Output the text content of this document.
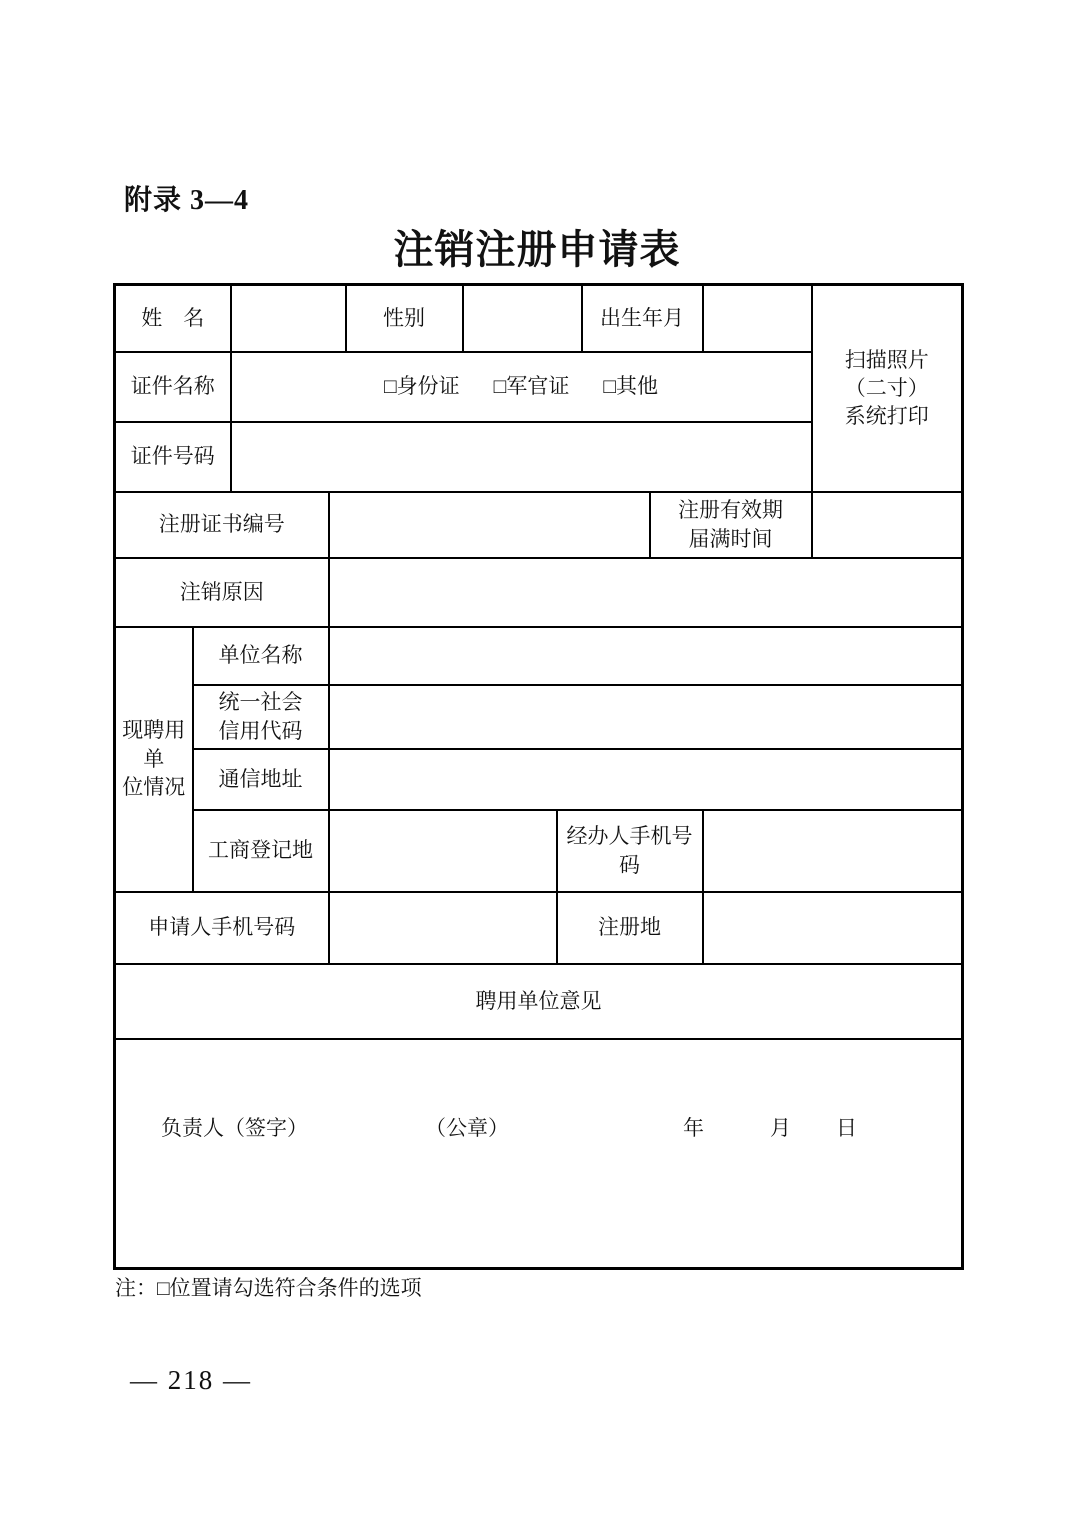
附录 3—4
注销注册申请表
姓　名				性别			出生年月			扫描照片
（二寸）
系统打印
证件名称		□身份证 □军官证 □其他								

证件号码										
注册证书编号								注册有效期
届满时间		
注销原因										
现聘用单
位情况	单位名称									
	统一社会
信用代码									
	通信地址									
	工商登记地					经办人手机号码				
申请人手机号码						注册地				
聘用单位意见										

负责人（签字） （公章） 年 月 日										
注：□位置请勾选符合条件的选项
— 218 —
